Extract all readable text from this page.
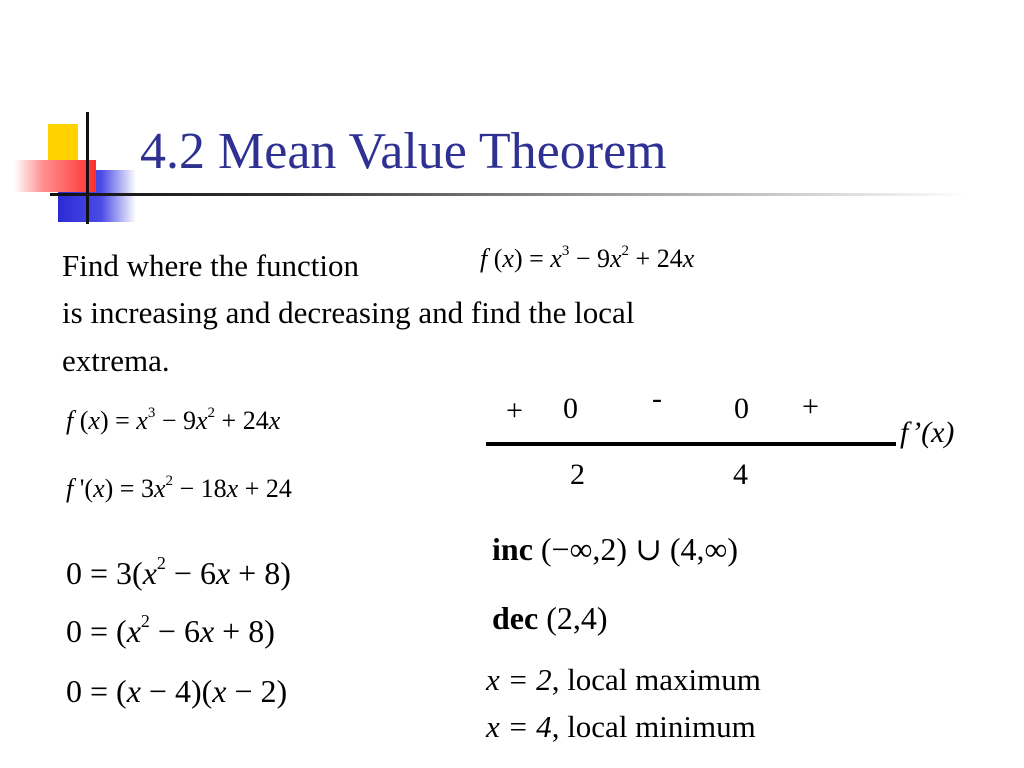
4.2 Mean Value Theorem
Find where the function	f $(x) = x^3 - 9x^2 + 24x$
is increasing and decreasing and find the local
extrema.
f $(x) = x^3 - 9x^2 + 24x$
f '$(x) = 3x^2 - 18x + 24$
$0 = 3(x^2 - 6x + 8)$
$0 = (x^2 - 6x + 8)$
0 = (x − 4)(x − 2)
+ 0 - 0 +
f’(x)
2	4
inc (−∞,2) ∪ (4,∞)
dec (2,4)
x = 2, local maximum
x = 4, local minimum
